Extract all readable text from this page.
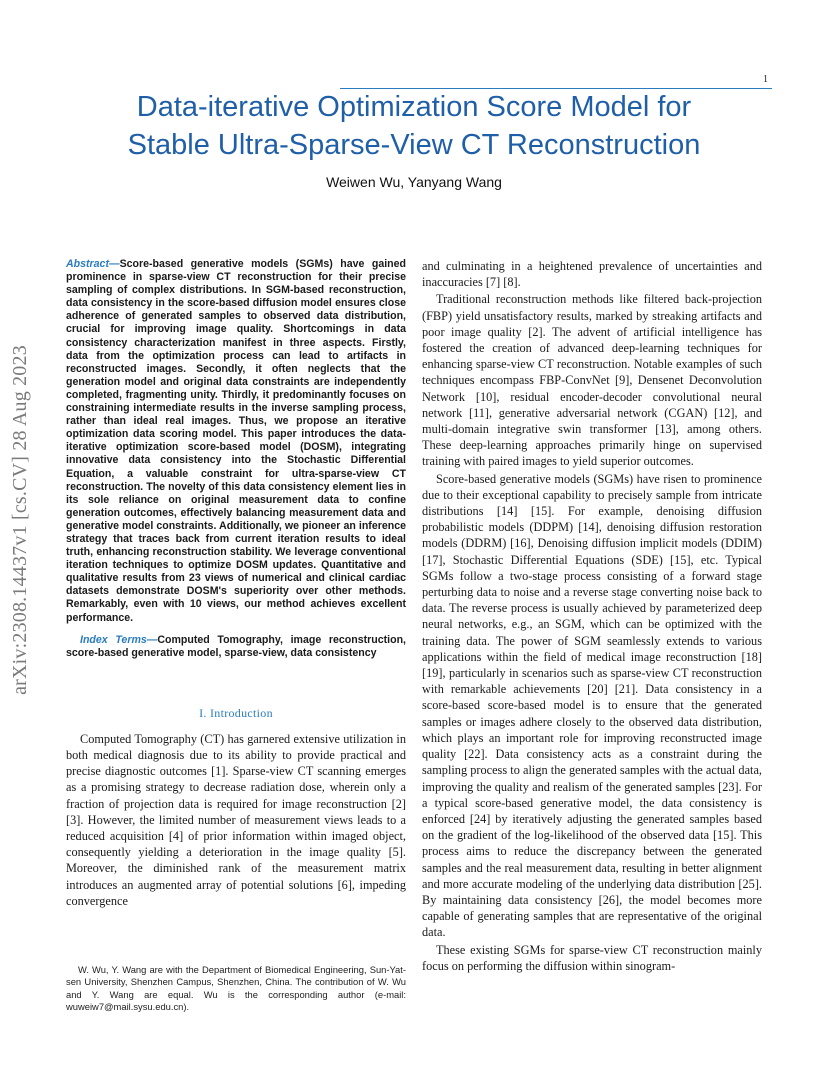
1
Data-iterative Optimization Score Model for
Stable Ultra-Sparse-View CT Reconstruction
Weiwen Wu, Yanyang Wang
arXiv:2308.14437v1 [cs.CV] 28 Aug 2023

Abstract—Score-based generative models (SGMs) have gained prominence in sparse-view CT reconstruction for their precise sampling of complex distributions. In SGM-based reconstruction, data consistency in the score-based diffusion model ensures close adherence of generated samples to observed data distribution, crucial for improving image quality. Shortcomings in data consistency characterization manifest in three aspects. Firstly, data from the optimization process can lead to artifacts in reconstructed images. Secondly, it often neglects that the generation model and original data constraints are independently completed, fragmenting unity. Thirdly, it predominantly focuses on constraining intermediate results in the inverse sampling process, rather than ideal real images. Thus, we propose an iterative optimization data scoring model. This paper introduces the data-iterative optimization score-based model (DOSM), integrating innovative data consistency into the Stochastic Differential Equation, a valuable constraint for ultra-sparse-view CT reconstruction. The novelty of this data consistency element lies in its sole reliance on original measurement data to confine generation outcomes, effectively balancing measurement data and generative model constraints. Additionally, we pioneer an inference strategy that traces back from current iteration results to ideal truth, enhancing reconstruction stability. We leverage conventional iteration techniques to optimize DOSM updates. Quantitative and qualitative results from 23 views of numerical and clinical cardiac datasets demonstrate DOSM's superiority over other methods. Remarkably, even with 10 views, our method achieves excellent performance.

Index Terms—Computed Tomography, image reconstruction, score-based generative model, sparse-view, data consistency

I. Introduction

Computed Tomography (CT) has garnered extensive utilization in both medical diagnosis due to its ability to provide practical and precise diagnostic outcomes [1]. Sparse-view CT scanning emerges as a promising strategy to decrease radiation dose, wherein only a fraction of projection data is required for image reconstruction [2] [3]. However, the limited number of measurement views leads to a reduced acquisition [4] of prior information within imaged object, consequently yielding a deterioration in the image quality [5]. Moreover, the diminished rank of the measurement matrix introduces an augmented array of potential solutions [6], impeding convergence

W. Wu, Y. Wang are with the Department of Biomedical Engineering, Sun-Yat-sen University, Shenzhen Campus, Shenzhen, China. The contribution of W. Wu and Y. Wang are equal. Wu is the corresponding author (e-mail: wuweiw7@mail.sysu.edu.cn).

and culminating in a heightened prevalence of uncertainties and inaccuracies [7] [8].

Traditional reconstruction methods like filtered back-projection (FBP) yield unsatisfactory results, marked by streaking artifacts and poor image quality [2]. The advent of artificial intelligence has fostered the creation of advanced deep-learning techniques for enhancing sparse-view CT reconstruction. Notable examples of such techniques encompass FBP-ConvNet [9], Densenet Deconvolution Network [10], residual encoder-decoder convolutional neural network [11], generative adversarial network (CGAN) [12], and multi-domain integrative swin transformer [13], among others. These deep-learning approaches primarily hinge on supervised training with paired images to yield superior outcomes.

Score-based generative models (SGMs) have risen to prominence due to their exceptional capability to precisely sample from intricate distributions [14] [15]. For example, denoising diffusion probabilistic models (DDPM) [14], denoising diffusion restoration models (DDRM) [16], Denoising diffusion implicit models (DDIM) [17], Stochastic Differential Equations (SDE) [15], etc. Typical SGMs follow a two-stage process consisting of a forward stage perturbing data to noise and a reverse stage converting noise back to data. The reverse process is usually achieved by parameterized deep neural networks, e.g., an SGM, which can be optimized with the training data. The power of SGM seamlessly extends to various applications within the field of medical image reconstruction [18] [19], particularly in scenarios such as sparse-view CT reconstruction with remarkable achievements [20] [21]. Data consistency in a score-based score-based model is to ensure that the generated samples or images adhere closely to the observed data distribution, which plays an important role for improving reconstructed image quality [22]. Data consistency acts as a constraint during the sampling process to align the generated samples with the actual data, improving the quality and realism of the generated samples [23]. For a typical score-based generative model, the data consistency is enforced [24] by iteratively adjusting the generated samples based on the gradient of the log-likelihood of the observed data [15]. This process aims to reduce the discrepancy between the generated samples and the real measurement data, resulting in better alignment and more accurate modeling of the underlying data distribution [25]. By maintaining data consistency [26], the model becomes more capable of generating samples that are representative of the original data.

These existing SGMs for sparse-view CT reconstruction mainly focus on performing the diffusion within sinogram-
